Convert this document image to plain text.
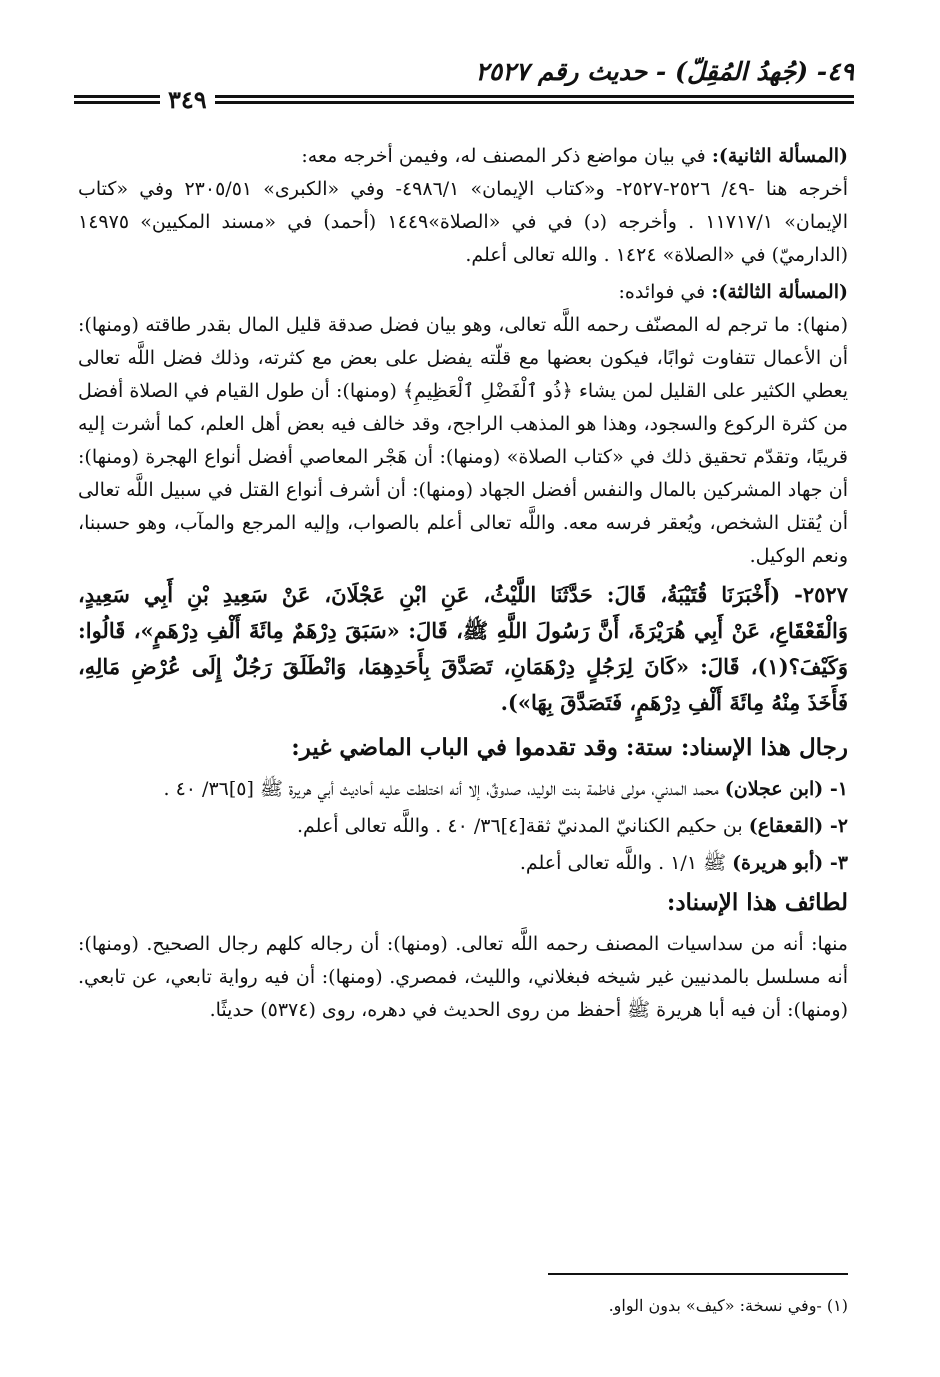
٤٩- (جُهدُ المُقِلّ) - حديث رقم ٢٥٢٧
٣٤٩

(المسألة الثانية): في بيان مواضع ذكر المصنف له، وفيمن أخرجه معه:
أخرجه هنا -٤٩/ ٢٥٢٦-٢٥٢٧- و«كتاب الإيمان» ٤٩٨٦/١- وفي «الكبرى» ٢٣٠٥/٥١ وفي «كتاب الإيمان» ١١٧١٧/١ . وأخرجه (د) في في «الصلاة»١٤٤٩ (أحمد) في «مسند المكيين» ١٤٩٧٥ (الدارميّ) في «الصلاة» ١٤٢٤ . والله تعالى أعلم.

(المسألة الثالثة): في فوائده:
(منها): ما ترجم له المصنّف رحمه اللَّه تعالى، وهو بيان فضل صدقة قليل المال بقدر طاقته (ومنها): أن الأعمال تتفاوت ثوابًا، فيكون بعضها مع قلّته يفضل على بعض مع كثرته، وذلك فضل اللَّه تعالى يعطي الكثير على القليل لمن يشاء ﴿ذُو ٱلْفَضْلِ ٱلْعَظِيمِ﴾ (ومنها): أن طول القيام في الصلاة أفضل من كثرة الركوع والسجود، وهذا هو المذهب الراجح، وقد خالف فيه بعض أهل العلم، كما أشرت إليه قريبًا، وتقدّم تحقيق ذلك في «كتاب الصلاة» (ومنها): أن هَجْر المعاصي أفضل أنواع الهجرة (ومنها): أن جهاد المشركين بالمال والنفس أفضل الجهاد (ومنها): أن أشرف أنواع القتل في سبيل اللَّه تعالى أن يُقتل الشخص، ويُعقر فرسه معه. واللَّه تعالى أعلم بالصواب، وإليه المرجع والمآب، وهو حسبنا، ونعم الوكيل.

٢٥٢٧- (أَخْبَرَنَا قُتَيْبَةُ، قَالَ: حَدَّثَنَا اللَّيْثُ، عَنِ ابْنِ عَجْلَانَ، عَنْ سَعِيدِ بْنِ أَبِي سَعِيدٍ، وَالْقَعْقَاعِ، عَنْ أَبِي هُرَيْرَةَ، أَنَّ رَسُولَ اللَّهِ ﷺ، قَالَ: «سَبَقَ دِرْهَمٌ مِائَةَ أَلْفِ دِرْهَمٍ»، قَالُوا: وَكَيْفَ؟(١)، قَالَ: «كَانَ لِرَجُلٍ دِرْهَمَانِ، تَصَدَّقَ بِأَحَدِهِمَا، وَانْطَلَقَ رَجُلٌ إِلَى عُرْضِ مَالِهِ، فَأَخَذَ مِنْهُ مِائَةَ أَلْفِ دِرْهَمٍ، فَتَصَدَّقَ بِهَا»).

رجال هذا الإسناد: ستة: وقد تقدموا في الباب الماضي غير:

١- (ابن عجلان) محمد المدني، مولى فاطمة بنت الوليد، صدوقٌ، إلا أنه اختلطت عليه أحاديث أبي هريرة ﷺ [٥]٣٦/ ٤٠ .

٢- (القعقاع) بن حكيم الكنانيّ المدنيّ ثقة[٤]٣٦/ ٤٠ . واللَّه تعالى أعلم.

٣- (أبو هريرة) ﷺ ١/١ . واللَّه تعالى أعلم.

لطائف هذا الإسناد:

منها: أنه من سداسيات المصنف رحمه اللَّه تعالى. (ومنها): أن رجاله كلهم رجال الصحيح. (ومنها): أنه مسلسل بالمدنيين غير شيخه فبغلاني، والليث، فمصري. (ومنها): أن فيه رواية تابعي، عن تابعي. (ومنها): أن فيه أبا هريرة ﷺ أحفظ من روى الحديث في دهره، روى (٥٣٧٤) حديثًا.

(١) -وفي نسخة: «كيف» بدون الواو.
